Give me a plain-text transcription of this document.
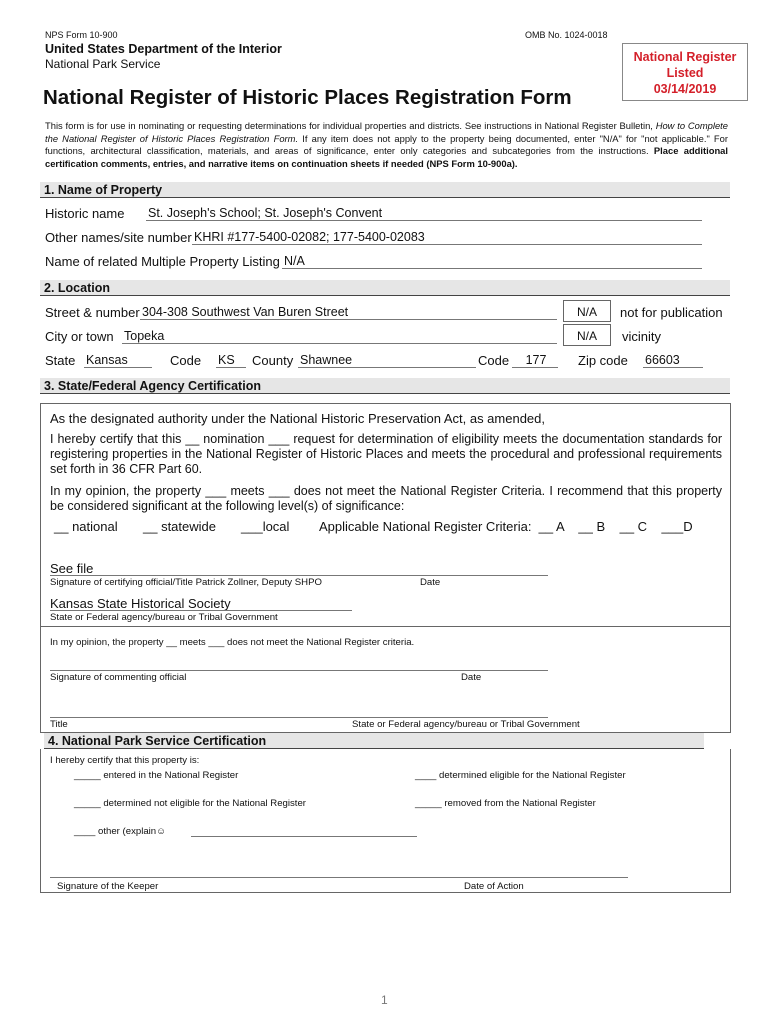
NPS Form 10-900	OMB No. 1024-0018
United States Department of the Interior
National Park Service	National Register
Listed
03/14/2019
National Register of Historic Places Registration Form
This form is for use in nominating or requesting determinations for individual properties and districts. See instructions in National Register Bulletin, How to Complete the National Register of Historic Places Registration Form. If any item does not apply to the property being documented, enter "N/A" for "not applicable." For functions, architectural classification, materials, and areas of significance, enter only categories and subcategories from the instructions. Place additional certification comments, entries, and narrative items on continuation sheets if needed (NPS Form 10-900a).
1. Name of Property
Historic name St. Joseph's School; St. Joseph's Convent
Other names/site number KHRI #177-5400-02082; 177-5400-02083
Name of related Multiple Property Listing N/A
2. Location
Street & number 304-308 Southwest Van Buren Street	N/A	not for publication
City or town Topeka	N/A	vicinity
State Kansas	Code KS	County Shawnee	Code	177	Zip code 66603
3. State/Federal Agency Certification
As the designated authority under the National Historic Preservation Act, as amended,
I hereby certify that this __ nomination ___ request for determination of eligibility meets the documentation standards for registering properties in the National Register of Historic Places and meets the procedural and professional requirements set forth in 36 CFR Part 60.
In my opinion, the property ___ meets ___ does not meet the National Register Criteria. I recommend that this property be considered significant at the following level(s) of significance:
__ national __ statewide ___local Applicable National Register Criteria:  __ A    __ B    __ C    ___D
See file
Signature of certifying official/Title Patrick Zollner, Deputy SHPO	Date
Kansas State Historical Society
State or Federal agency/bureau or Tribal Government
In my opinion, the property __ meets ___ does not meet the National Register criteria.
Signature of commenting official	Date
Title	State or Federal agency/bureau or Tribal Government
4. National Park Service Certification
I hereby certify that this property is:
_____ entered in the National Register	____ determined eligible for the National Register
_____ determined not eligible for the National Register	_____ removed from the National Register
____ other (explain☺
Signature of the Keeper	Date of Action
1
